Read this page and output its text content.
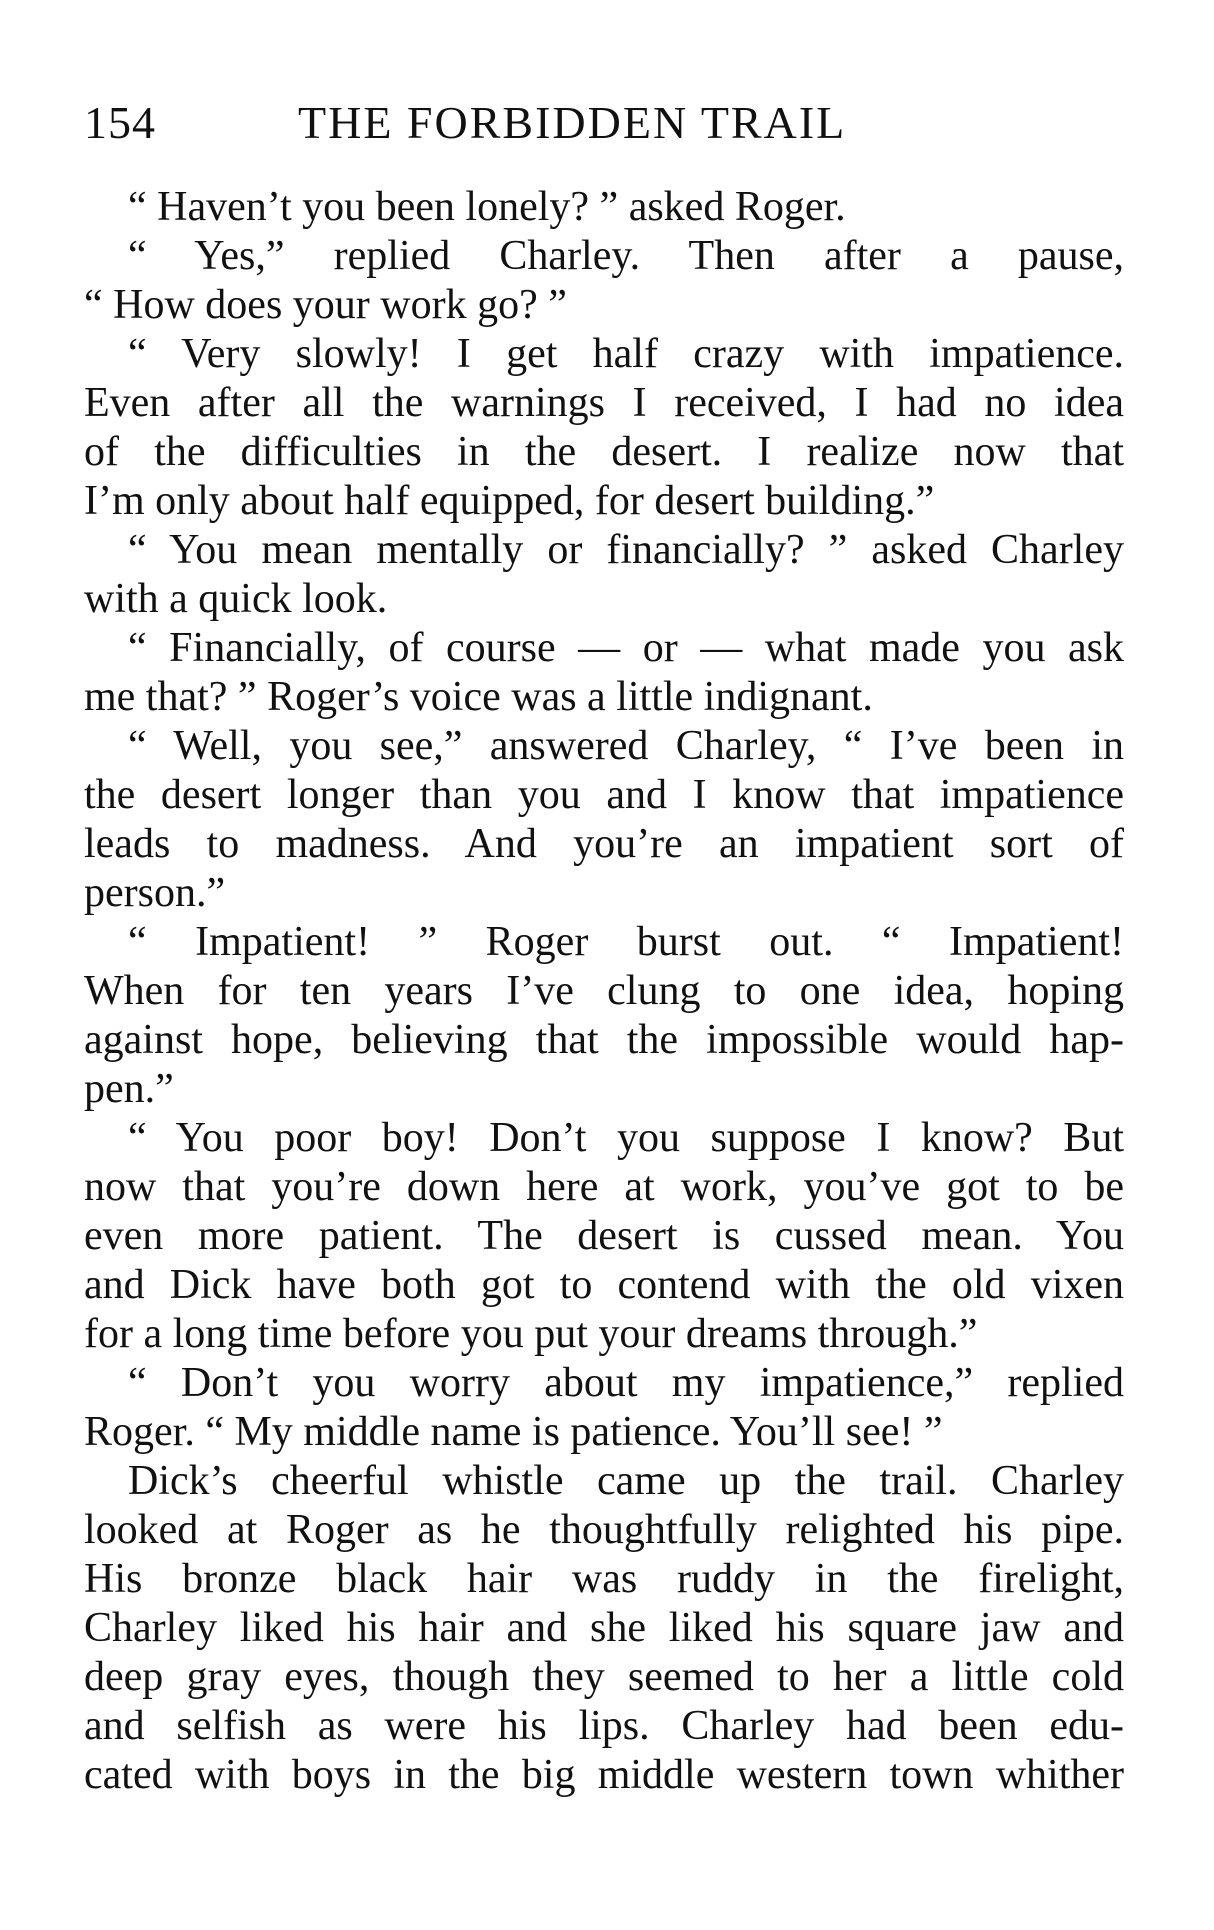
154	THE FORBIDDEN TRAIL
“ Haven’t you been lonely? ” asked Roger.
“ Yes,” replied Charley. Then after a pause,
“ How does your work go? ”
“ Very slowly! I get half crazy with impatience.
Even after all the warnings I received, I had no idea
of the difficulties in the desert. I realize now that
I’m only about half equipped, for desert building.”
“ You mean mentally or financially? ” asked Charley
with a quick look.
“ Financially, of course — or — what made you ask
me that? ” Roger’s voice was a little indignant.
“ Well, you see,” answered Charley, “ I’ve been in
the desert longer than you and I know that impatience
leads to madness. And you’re an impatient sort of
person.”
“ Impatient! ” Roger burst out. “ Impatient!
When for ten years I’ve clung to one idea, hoping
against hope, believing that the impossible would hap-
pen.”
“ You poor boy! Don’t you suppose I know? But
now that you’re down here at work, you’ve got to be
even more patient. The desert is cussed mean. You
and Dick have both got to contend with the old vixen
for a long time before you put your dreams through.”
“ Don’t you worry about my impatience,” replied
Roger. “ My middle name is patience. You’ll see! ”
Dick’s cheerful whistle came up the trail. Charley
looked at Roger as he thoughtfully relighted his pipe.
His bronze black hair was ruddy in the firelight,
Charley liked his hair and she liked his square jaw and
deep gray eyes, though they seemed to her a little cold
and selfish as were his lips. Charley had been edu-
cated with boys in the big middle western town whither
